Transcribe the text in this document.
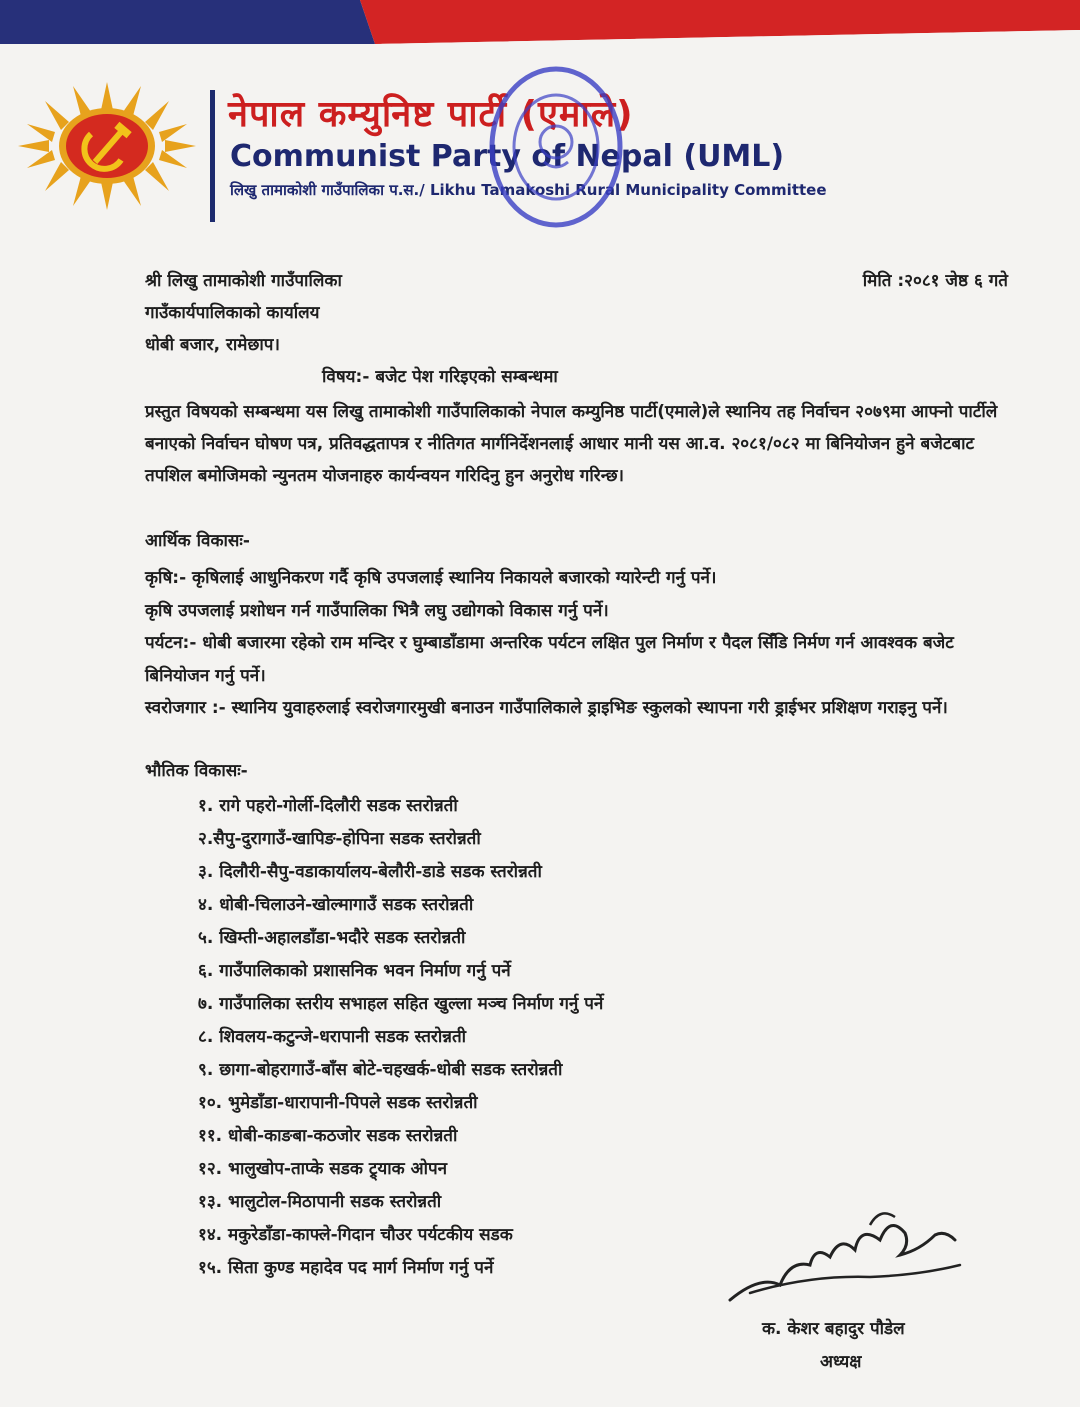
नेपाल कम्युनिष्ट पार्टी (एमाले)
Communist Party of Nepal (UML)
लिखु तामाकोशी गाउँपालिका प.स./ Likhu Tamakoshi Rural Municipality Committee
श्री लिखु तामाकोशी गाउँपालिका
गाउँकार्यपालिकाको कार्यालय
धोबी बजार, रामेछाप।
मिति :२०८१ जेष्ठ ६ गते
विषय:- बजेट पेश गरिइएको सम्बन्धमा

प्रस्तुत विषयको सम्बन्धमा यस लिखु तामाकोशी गाउँपालिकाको नेपाल कम्युनिष्ठ पार्टी(एमाले)ले स्थानिय तह निर्वाचन २०७९मा आफ्नो पार्टीले बनाएको निर्वाचन घोषण पत्र, प्रतिवद्धतापत्र र नीतिगत मार्गनिर्देशनलाई आधार मानी यस आ.व. २०८१/०८२ मा बिनियोजन हुने बजेटबाट तपशिल बमोजिमको न्युनतम योजनाहरु कार्यन्वयन गरिदिनु हुन अनुरोध गरिन्छ।

आर्थिक विकासः-

कृषि:- कृषिलाई आधुनिकरण गर्दै कृषि उपजलाई स्थानिय निकायले बजारको ग्यारेन्टी गर्नु पर्ने।

कृषि उपजलाई प्रशोधन गर्न गाउँपालिका भित्रै लघु उद्योगको विकास गर्नु पर्ने।

पर्यटन:- धोबी बजारमा रहेको राम मन्दिर र घुम्बाडाँडामा अन्तरिक पर्यटन लक्षित पुल निर्माण र पैदल सिँडि निर्मण गर्न आवश्वक बजेट बिनियोजन गर्नु पर्ने।

स्वरोजगार :- स्थानिय युवाहरुलाई स्वरोजगारमुखी बनाउन गाउँपालिकाले ड्राइभिङ स्कुलको स्थापना गरी ड्राईभर प्रशिक्षण गराइनु पर्ने।

भौतिक विकासः-
१. रागे पहरो-गोर्ली-दिलौरी सडक स्तरोन्नती
२.सैपु-दुरागाउँ-खापिङ-होपिना सडक स्तरोन्नती
३. दिलौरी-सैपु-वडाकार्यालय-बेलौरी-डाडे सडक स्तरोन्नती
४. धोबी-चिलाउने-खोल्मागाउँ सडक स्तरोन्नती
५. खिम्ती-अहालडाँडा-भदौरे सडक स्तरोन्नती
६. गाउँपालिकाको प्रशासनिक भवन निर्माण गर्नु पर्ने
७. गाउँपालिका स्तरीय सभाहल सहित खुल्ला मञ्च निर्माण गर्नु पर्ने
८. शिवलय-कटुन्जे-धरापानी सडक स्तरोन्नती
९. छागा-बोहरागाउँ-बाँस बोटे-चहखर्क-धोबी सडक स्तरोन्नती
१०. भुमेडाँडा-धारापानी-पिपले सडक स्तरोन्नती
११. धोबी-काङबा-कठजोर सडक स्तरोन्नती
१२. भालुखोप-ताप्के सडक ट्र्याक ओपन
१३. भालुटोल-मिठापानी सडक स्तरोन्नती
१४. मकुरेडाँडा-काफ्ले-गिदान चौउर पर्यटकीय सडक
१५. सिता कुण्ड महादेव पद मार्ग निर्माण गर्नु पर्ने
क. केशर बहादुर पौडेल
अध्यक्ष
